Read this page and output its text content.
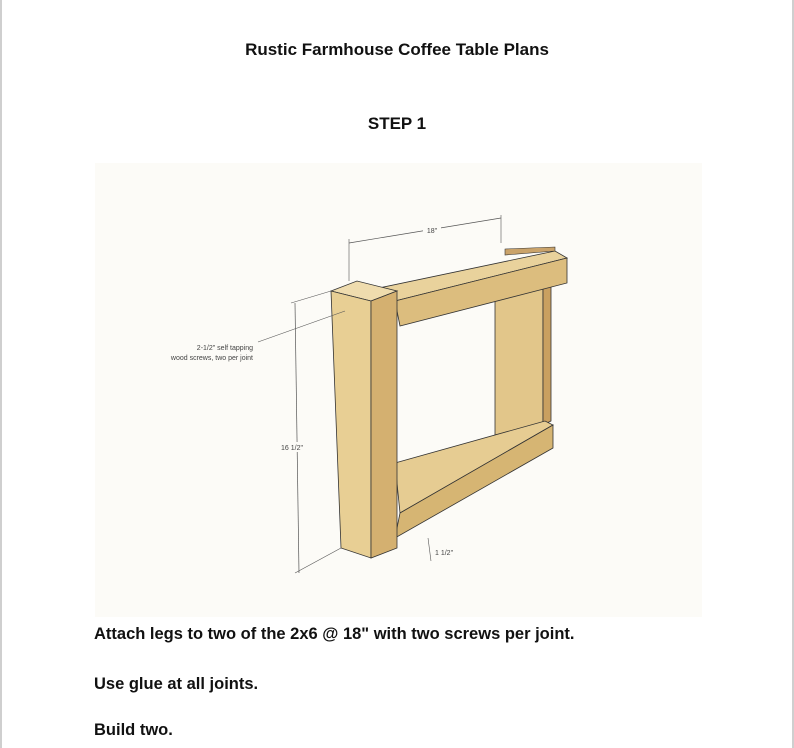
Rustic Farmhouse Coffee Table Plans
STEP 1
18"
16 1/2"
1 1/2"
2-1/2" self tapping
wood screws, two per joint
Attach legs to two of the 2x6 @ 18" with two screws per joint.
Use glue at all joints.
Build two.
